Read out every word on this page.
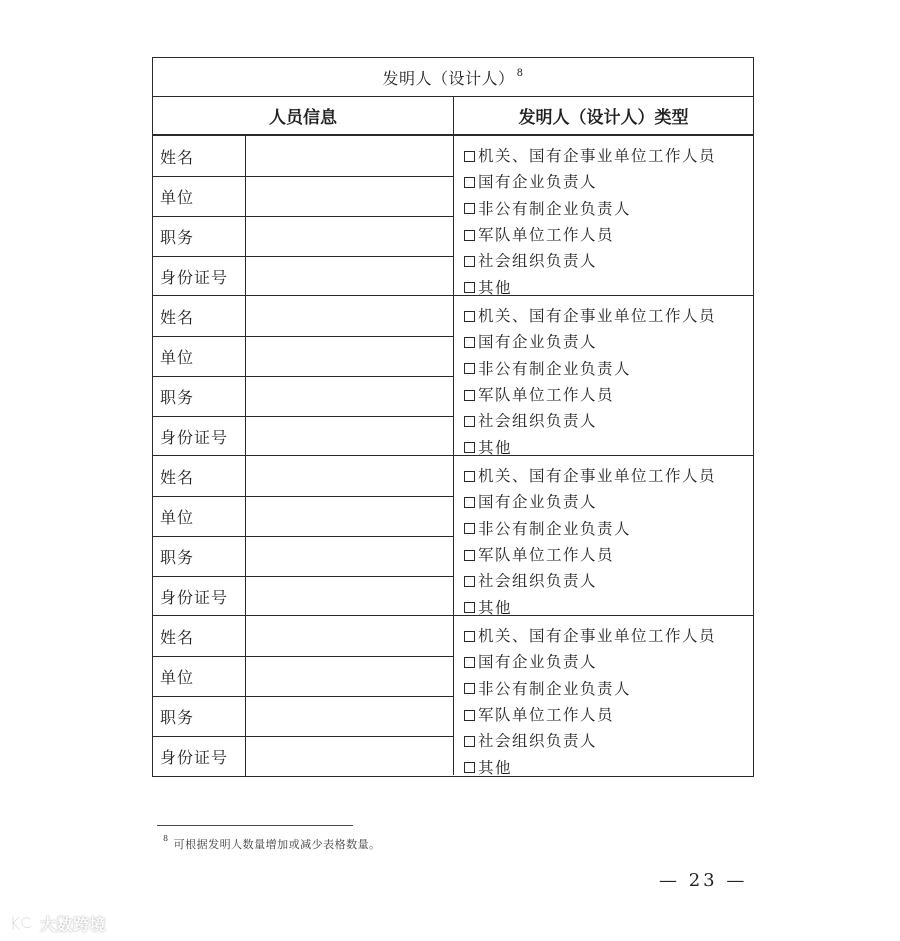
发明人（设计人）$^8$
人员信息	发明人（设计人）类型
姓名
单位
职务
身份证号
机关、国有企事业单位工作人员
国有企业负责人
非公有制企业负责人
军队单位工作人员
社会组织负责人
其他
姓名
单位
职务
身份证号
机关、国有企事业单位工作人员
国有企业负责人
非公有制企业负责人
军队单位工作人员
社会组织负责人
其他
姓名
单位
职务
身份证号
机关、国有企事业单位工作人员
国有企业负责人
非公有制企业负责人
军队单位工作人员
社会组织负责人
其他
姓名
单位
职务
身份证号
机关、国有企事业单位工作人员
国有企业负责人
非公有制企业负责人
军队单位工作人员
社会组织负责人
其他
$^8$ 可根据发明人数量增加或减少表格数量。
— 23 —
大数跨境
